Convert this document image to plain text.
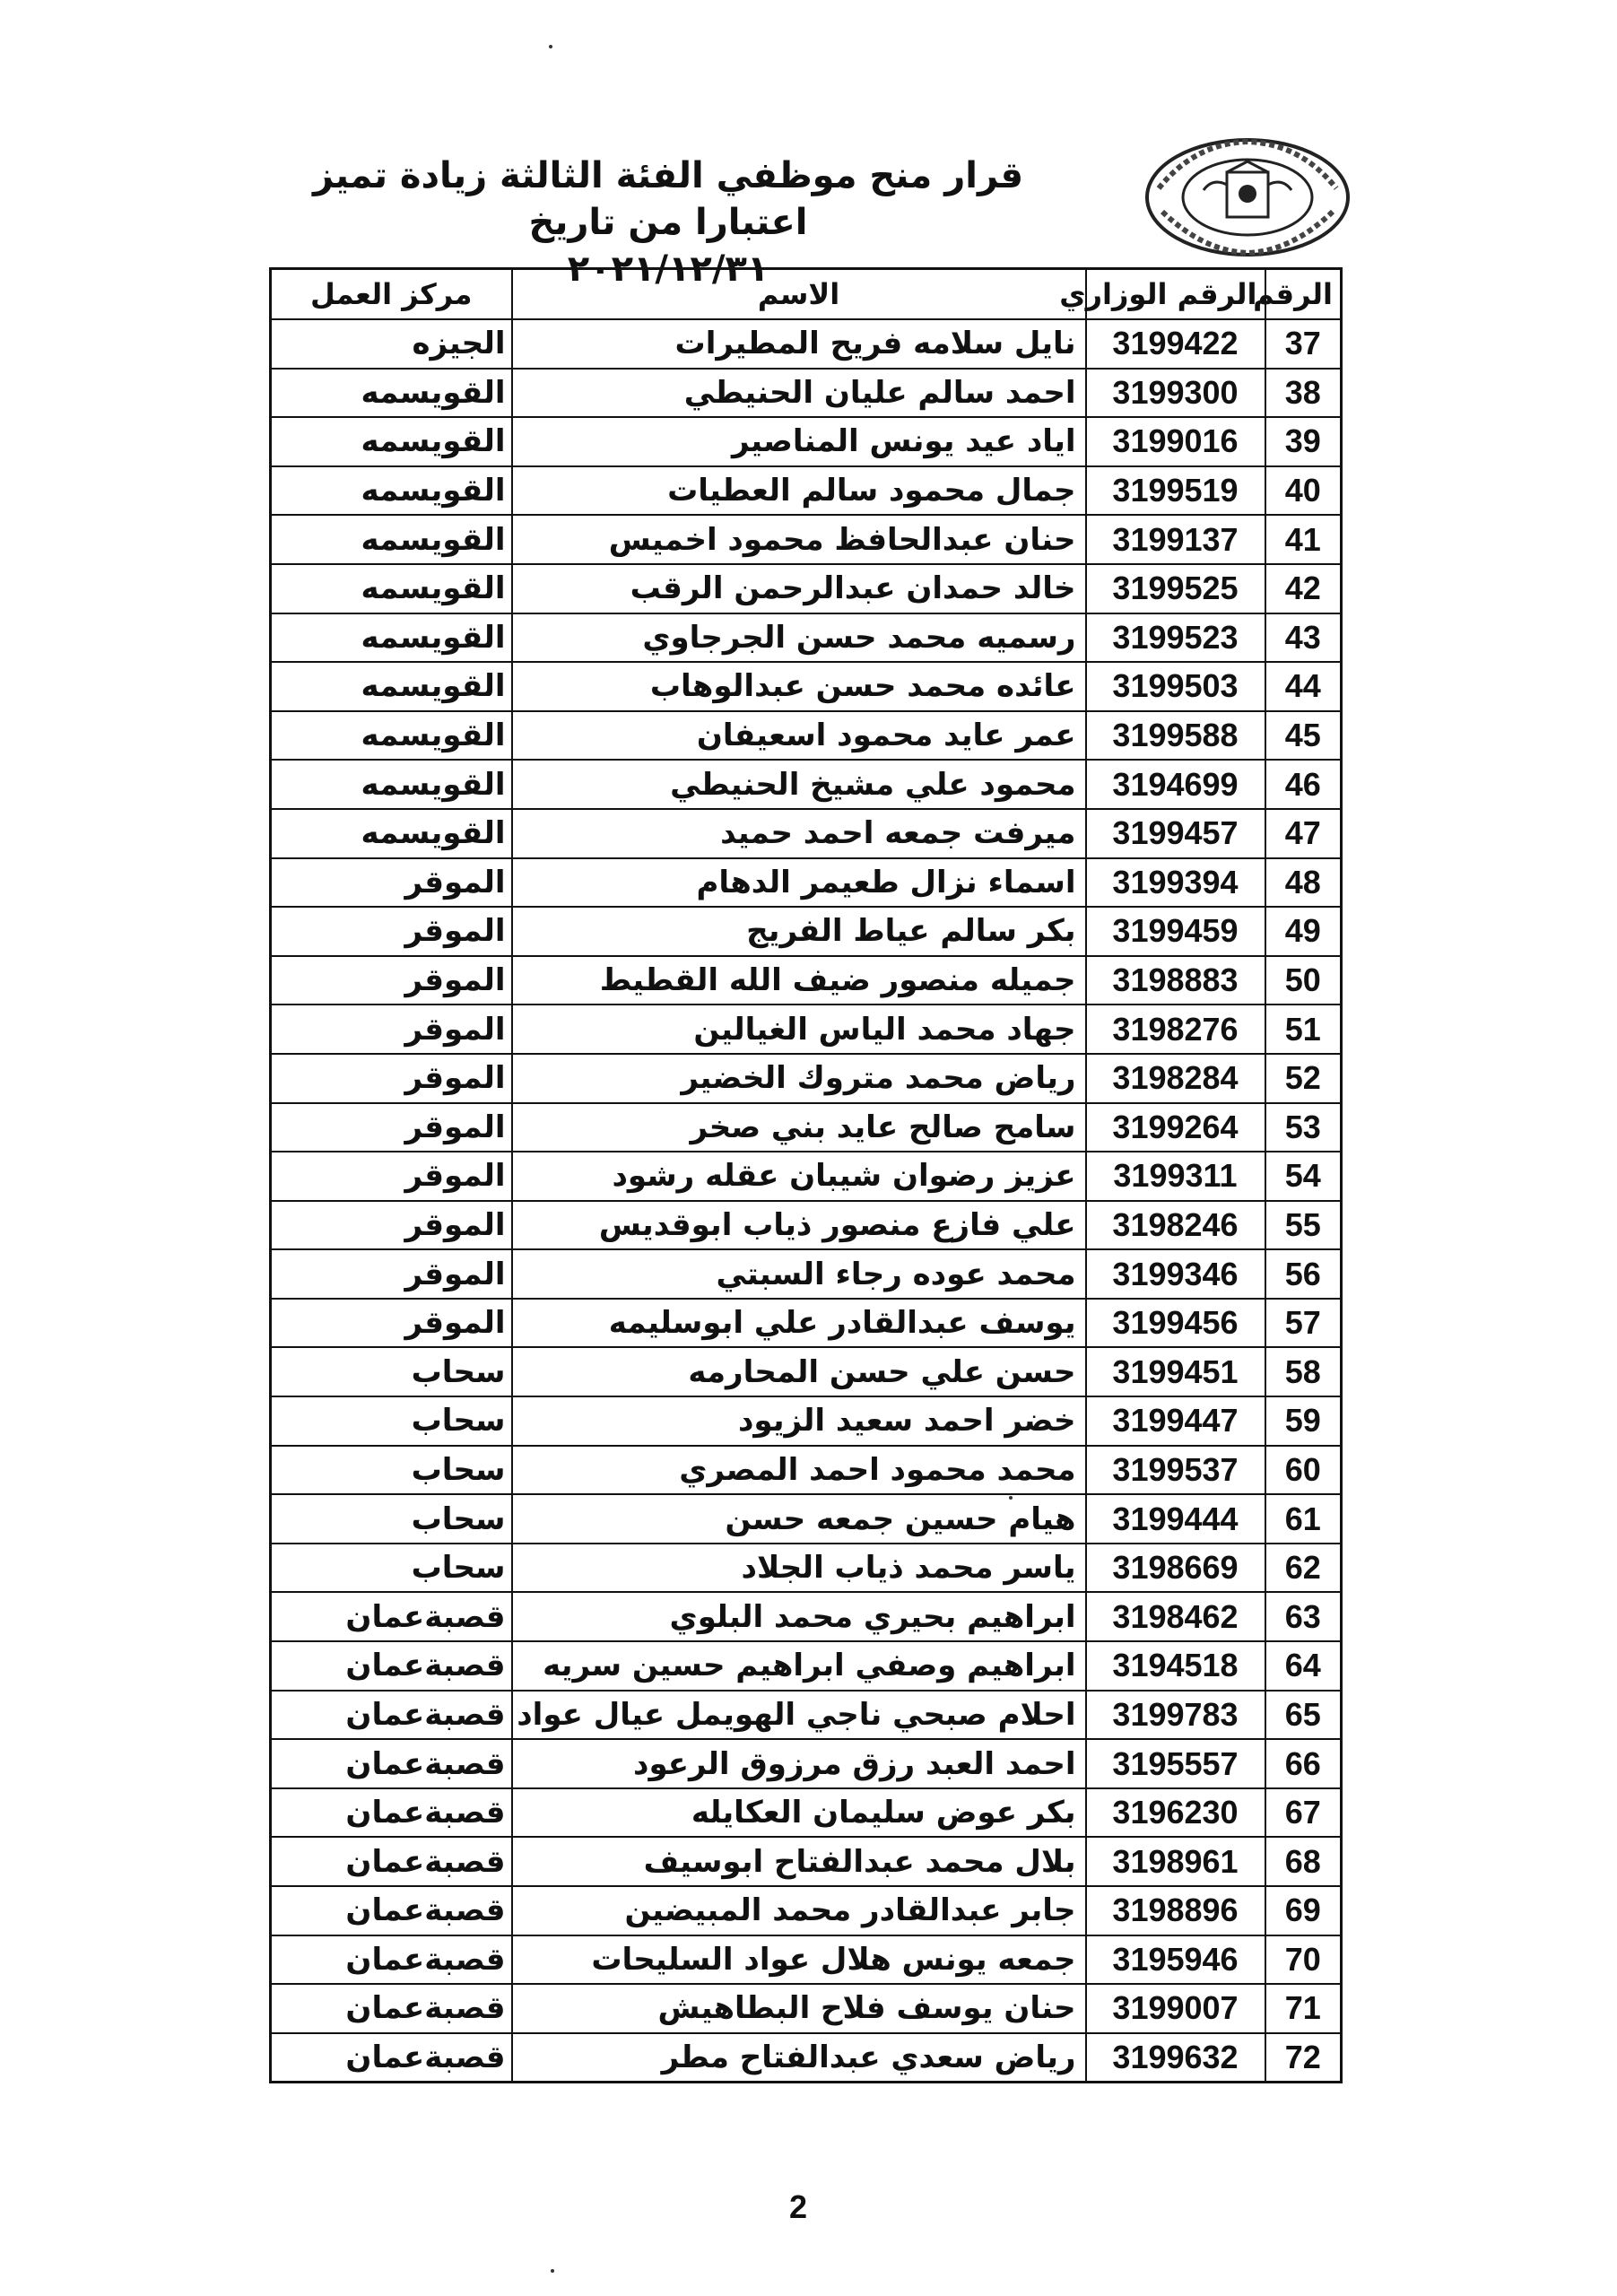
قرار منح موظفي الفئة الثالثة زيادة تميز اعتبارا من تاريخ
٢٠٢١/١٢/٣١
الرقم	الرقم الوزاري	الاسم	مركز العمل
37	3199422	نايل سلامه فريح المطيرات	الجيزه
38	3199300	احمد سالم عليان الحنيطي	القويسمه
39	3199016	اياد عيد يونس المناصير	القويسمه
40	3199519	جمال محمود سالم العطيات	القويسمه
41	3199137	حنان عبدالحافظ محمود اخميس	القويسمه
42	3199525	خالد حمدان عبدالرحمن الرقب	القويسمه
43	3199523	رسميه محمد حسن الجرجاوي	القويسمه
44	3199503	عائده محمد حسن عبدالوهاب	القويسمه
45	3199588	عمر عايد محمود اسعيفان	القويسمه
46	3194699	محمود علي مشيخ الحنيطي	القويسمه
47	3199457	ميرفت جمعه احمد حميد	القويسمه
48	3199394	اسماء نزال طعيمر الدهام	الموقر
49	3199459	بكر سالم عياط الفريج	الموقر
50	3198883	جميله منصور ضيف الله القطيط	الموقر
51	3198276	جهاد محمد الياس الغيالين	الموقر
52	3198284	رياض محمد متروك الخضير	الموقر
53	3199264	سامح صالح عايد بني صخر	الموقر
54	3199311	عزيز رضوان شيبان عقله رشود	الموقر
55	3198246	علي فازع منصور ذياب ابوقديس	الموقر
56	3199346	محمد عوده رجاء السبتي	الموقر
57	3199456	يوسف عبدالقادر علي ابوسليمه	الموقر
58	3199451	حسن علي حسن المحارمه	سحاب
59	3199447	خضر احمد سعيد الزيود	سحاب
60	3199537	محمد محمود احمد المصري	سحاب
61	3199444	هيام حسين جمعه حسن	سحاب
62	3198669	ياسر محمد ذياب الجلاد	سحاب
63	3198462	ابراهيم بحيري محمد البلوي	قصبةعمان
64	3194518	ابراهيم وصفي ابراهيم حسين سريه	قصبةعمان
65	3199783	احلام صبحي ناجي الهويمل عيال عواد	قصبةعمان
66	3195557	احمد العبد رزق مرزوق الرعود	قصبةعمان
67	3196230	بكر عوض سليمان العكايله	قصبةعمان
68	3198961	بلال محمد عبدالفتاح ابوسيف	قصبةعمان
69	3198896	جابر عبدالقادر محمد المبيضين	قصبةعمان
70	3195946	جمعه يونس هلال عواد السليحات	قصبةعمان
71	3199007	حنان يوسف فلاح البطاهيش	قصبةعمان
72	3199632	رياض سعدي عبدالفتاح مطر	قصبةعمان
2
